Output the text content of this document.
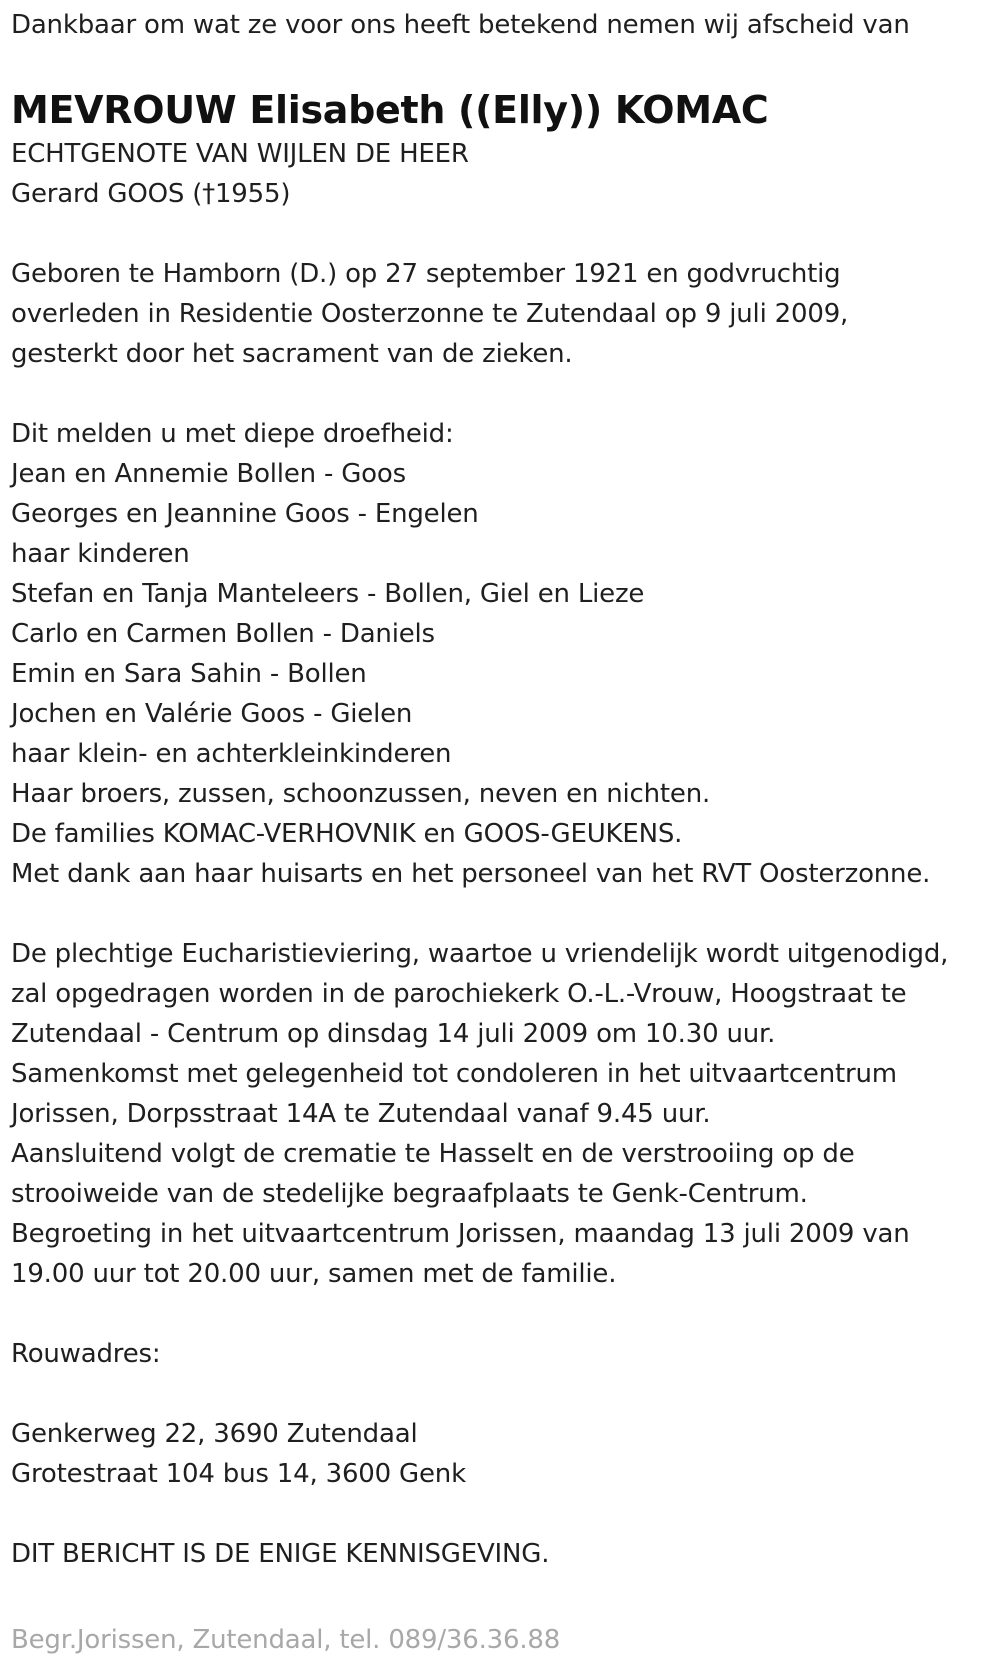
Dankbaar om wat ze voor ons heeft betekend nemen wij afscheid van
MEVROUW Elisabeth ((Elly)) KOMAC
ECHTGENOTE VAN WIJLEN DE HEER
Gerard GOOS (†1955)
Geboren te Hamborn (D.) op 27 september 1921 en godvruchtig
overleden in Residentie Oosterzonne te Zutendaal op 9 juli 2009,
gesterkt door het sacrament van de zieken.
Dit melden u met diepe droefheid:
Jean en Annemie Bollen - Goos
Georges en Jeannine Goos - Engelen
haar kinderen
Stefan en Tanja Manteleers - Bollen, Giel en Lieze
Carlo en Carmen Bollen - Daniels
Emin en Sara Sahin - Bollen
Jochen en Valérie Goos - Gielen
haar klein- en achterkleinkinderen
Haar broers, zussen, schoonzussen, neven en nichten.
De families KOMAC-VERHOVNIK en GOOS-GEUKENS.
Met dank aan haar huisarts en het personeel van het RVT Oosterzonne.
De plechtige Eucharistieviering, waartoe u vriendelijk wordt uitgenodigd,
zal opgedragen worden in de parochiekerk O.-L.-Vrouw, Hoogstraat te
Zutendaal - Centrum op dinsdag 14 juli 2009 om 10.30 uur.
Samenkomst met gelegenheid tot condoleren in het uitvaartcentrum
Jorissen, Dorpsstraat 14A te Zutendaal vanaf 9.45 uur.
Aansluitend volgt de crematie te Hasselt en de verstrooiing op de
strooiweide van de stedelijke begraafplaats te Genk-Centrum.
Begroeting in het uitvaartcentrum Jorissen, maandag 13 juli 2009 van
19.00 uur tot 20.00 uur, samen met de familie.
Rouwadres:
Genkerweg 22, 3690 Zutendaal
Grotestraat 104 bus 14, 3600 Genk
DIT BERICHT IS DE ENIGE KENNISGEVING.
Begr.Jorissen, Zutendaal, tel. 089/36.36.88
